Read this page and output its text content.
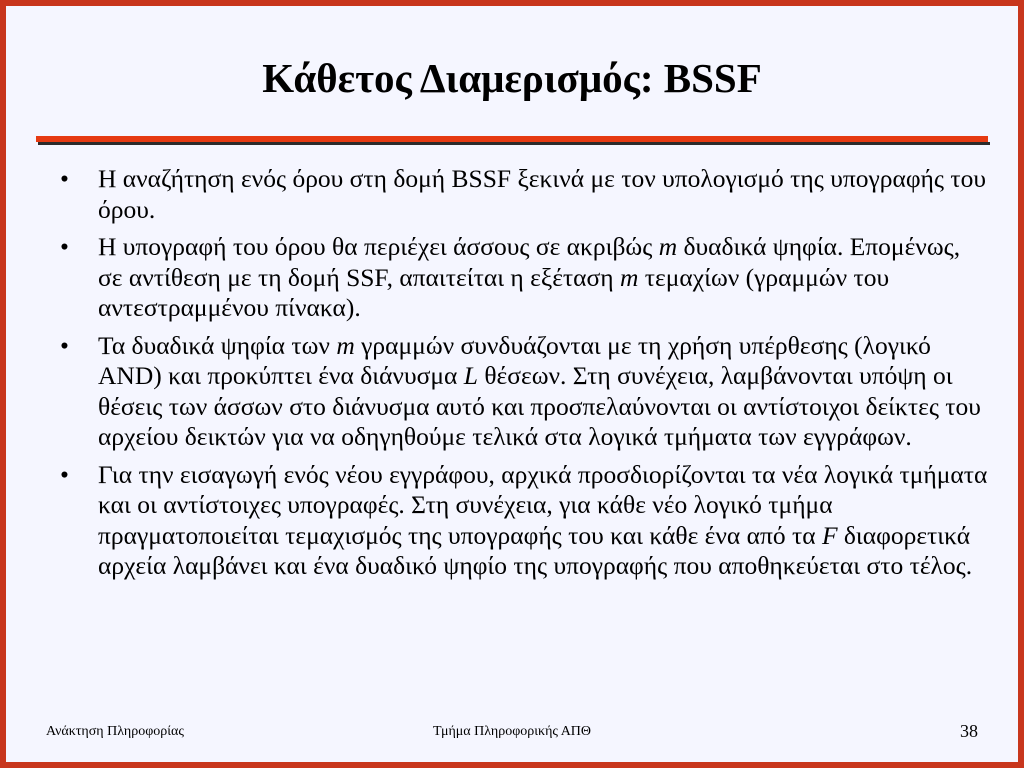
Κάθετος Διαμερισμός: BSSF
• Η αναζήτηση ενός όρου στη δομή BSSF ξεκινά με τον υπολογισμό της υπογραφής του όρου.
• Η υπογραφή του όρου θα περιέχει άσσους σε ακριβώς m δυαδικά ψηφία. Επομένως, σε αντίθεση με τη δομή SSF, απαιτείται η εξέταση m τεμαχίων (γραμμών του αντεστραμμένου πίνακα).
• Τα δυαδικά ψηφία των m γραμμών συνδυάζονται με τη χρήση υπέρθεσης (λογικό AND) και προκύπτει ένα διάνυσμα L θέσεων. Στη συνέχεια, λαμβάνονται υπόψη οι θέσεις των άσσων στο διάνυσμα αυτό και προσπελαύνονται οι αντίστοιχοι δείκτες του αρχείου δεικτών για να οδηγηθούμε τελικά στα λογικά τμήματα των εγγράφων.
• Για την εισαγωγή ενός νέου εγγράφου, αρχικά προσδιορίζονται τα νέα λογικά τμήματα και οι αντίστοιχες υπογραφές. Στη συνέχεια, για κάθε νέο λογικό τμήμα πραγματοποιείται τεμαχισμός της υπογραφής του και κάθε ένα από τα F διαφορετικά αρχεία λαμβάνει και ένα δυαδικό ψηφίο της υπογραφής που αποθηκεύεται στο τέλος.
Ανάκτηση Πληροφορίας	Τμήμα Πληροφορικής ΑΠΘ	38
